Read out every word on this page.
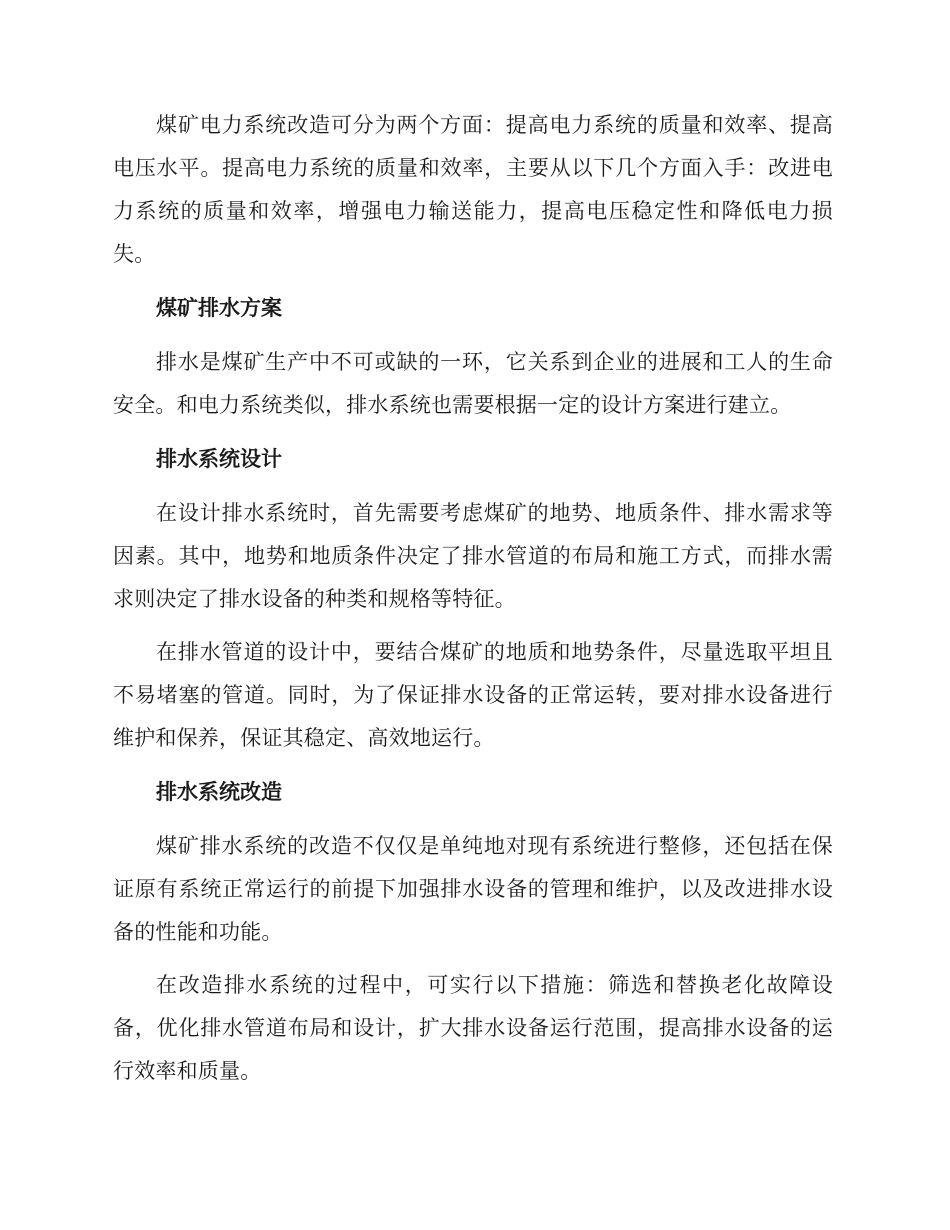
煤矿电力系统改造可分为两个方面：提高电力系统的质量和效率、提高电压水平。提高电力系统的质量和效率，主要从以下几个方面入手：改进电力系统的质量和效率，增强电力输送能力，提高电压稳定性和降低电力损失。

煤矿排水方案

排水是煤矿生产中不可或缺的一环，它关系到企业的进展和工人的生命安全。和电力系统类似，排水系统也需要根据一定的设计方案进行建立。

排水系统设计

在设计排水系统时，首先需要考虑煤矿的地势、地质条件、排水需求等因素。其中，地势和地质条件决定了排水管道的布局和施工方式，而排水需求则决定了排水设备的种类和规格等特征。

在排水管道的设计中，要结合煤矿的地质和地势条件，尽量选取平坦且不易堵塞的管道。同时，为了保证排水设备的正常运转，要对排水设备进行维护和保养，保证其稳定、高效地运行。

排水系统改造

煤矿排水系统的改造不仅仅是单纯地对现有系统进行整修，还包括在保证原有系统正常运行的前提下加强排水设备的管理和维护，以及改进排水设备的性能和功能。

在改造排水系统的过程中，可实行以下措施：筛选和替换老化故障设备，优化排水管道布局和设计，扩大排水设备运行范围，提高排水设备的运行效率和质量。
